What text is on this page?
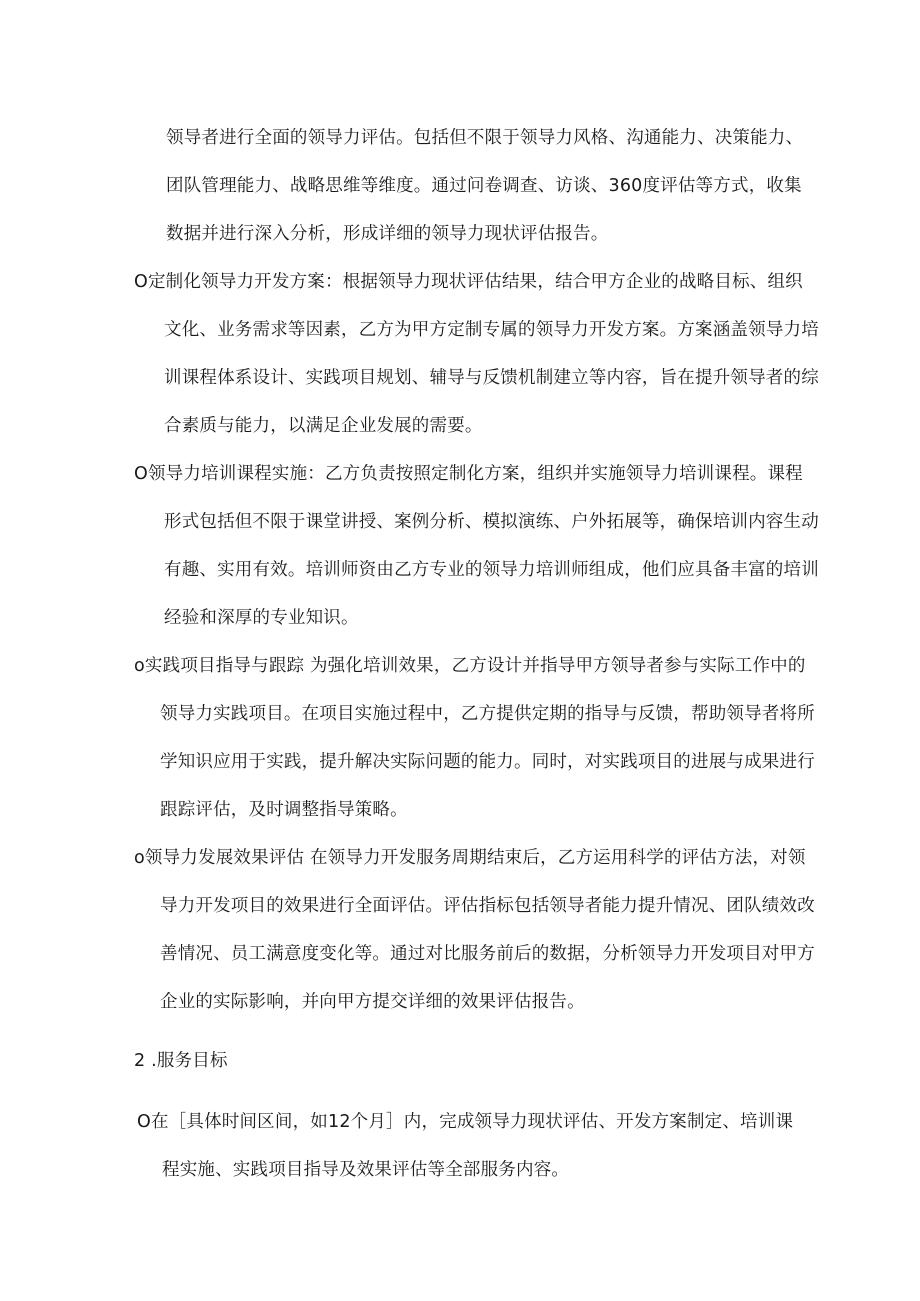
领导者进行全面的领导力评估。包括但不限于领导力风格、沟通能力、决策能力、
团队管理能力、战略思维等维度。通过问卷调查、访谈、360度评估等方式，收集
数据并进行深入分析，形成详细的领导力现状评估报告。
O定制化领导力开发方案：根据领导力现状评估结果，结合甲方企业的战略目标、组织
文化、业务需求等因素，乙方为甲方定制专属的领导力开发方案。方案涵盖领导力培
训课程体系设计、实践项目规划、辅导与反馈机制建立等内容，旨在提升领导者的综
合素质与能力，以满足企业发展的需要。
O领导力培训课程实施：乙方负责按照定制化方案，组织并实施领导力培训课程。课程
形式包括但不限于课堂讲授、案例分析、模拟演练、户外拓展等，确保培训内容生动
有趣、实用有效。培训师资由乙方专业的领导力培训师组成，他们应具备丰富的培训
经验和深厚的专业知识。
o实践项目指导与跟踪 为强化培训效果，乙方设计并指导甲方领导者参与实际工作中的
领导力实践项目。在项目实施过程中，乙方提供定期的指导与反馈，帮助领导者将所
学知识应用于实践，提升解决实际问题的能力。同时，对实践项目的进展与成果进行
跟踪评估，及时调整指导策略。
o领导力发展效果评估 在领导力开发服务周期结束后，乙方运用科学的评估方法，对领
导力开发项目的效果进行全面评估。评估指标包括领导者能力提升情况、团队绩效改
善情况、员工满意度变化等。通过对比服务前后的数据，分析领导力开发项目对甲方
企业的实际影响，并向甲方提交详细的效果评估报告。
2 .服务目标
O在［具体时间区间，如12个月］内，完成领导力现状评估、开发方案制定、培训课
程实施、实践项目指导及效果评估等全部服务内容。
